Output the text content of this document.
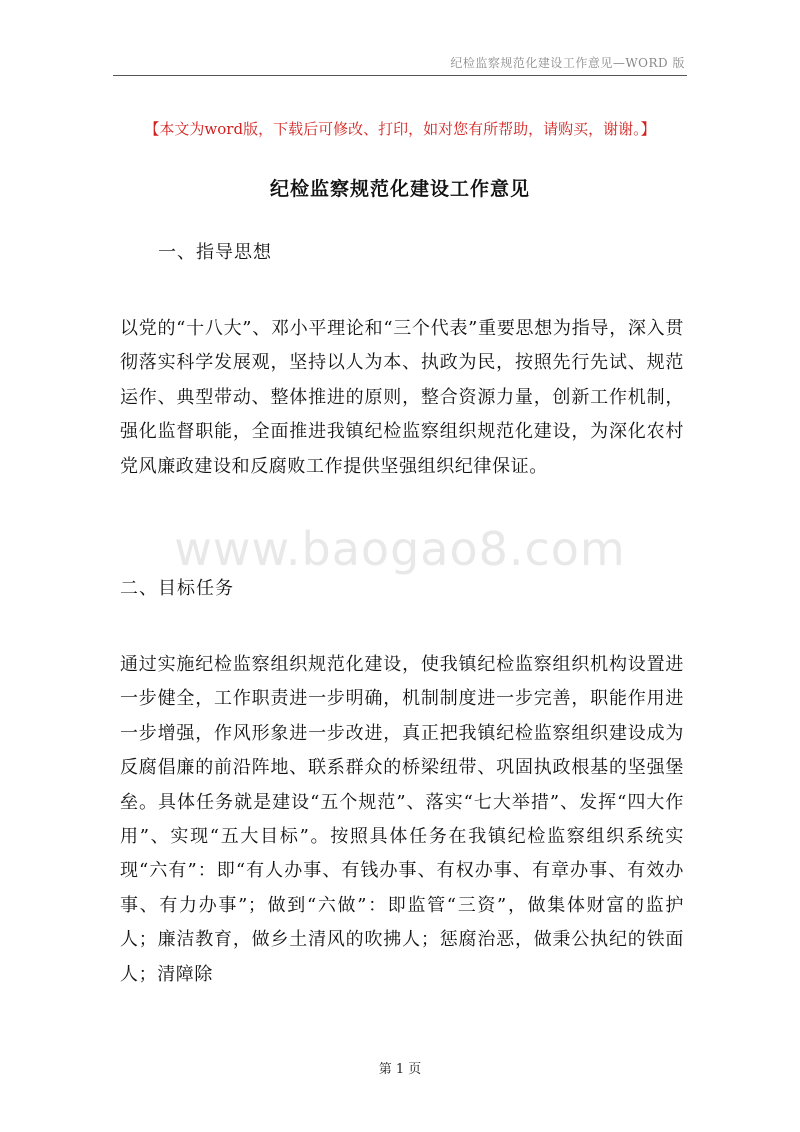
纪检监察规范化建设工作意见—WORD 版
【本文为word版，下载后可修改、打印，如对您有所帮助，请购买，谢谢。】
纪检监察规范化建设工作意见
一、指导思想
以党的“十八大”、邓小平理论和“三个代表”重要思想为指导，深入贯彻落实科学发展观，坚持以人为本、执政为民，按照先行先试、规范运作、典型带动、整体推进的原则，整合资源力量，创新工作机制，强化监督职能，全面推进我镇纪检监察组织规范化建设，为深化农村党风廉政建设和反腐败工作提供坚强组织纪律保证。
www.baogao8.com
二、目标任务
通过实施纪检监察组织规范化建设，使我镇纪检监察组织机构设置进一步健全，工作职责进一步明确，机制制度进一步完善，职能作用进一步增强，作风形象进一步改进，真正把我镇纪检监察组织建设成为反腐倡廉的前沿阵地、联系群众的桥梁纽带、巩固执政根基的坚强堡垒。具体任务就是建设“五个规范”、落实“七大举措”、发挥“四大作用”、实现“五大目标”。按照具体任务在我镇纪检监察组织系统实现“六有”：即“有人办事、有钱办事、有权办事、有章办事、有效办事、有力办事”；做到“六做”：即监管“三资”，做集体财富的监护人；廉洁教育，做乡土清风的吹拂人；惩腐治恶，做秉公执纪的铁面人；清障除
第 1 页
